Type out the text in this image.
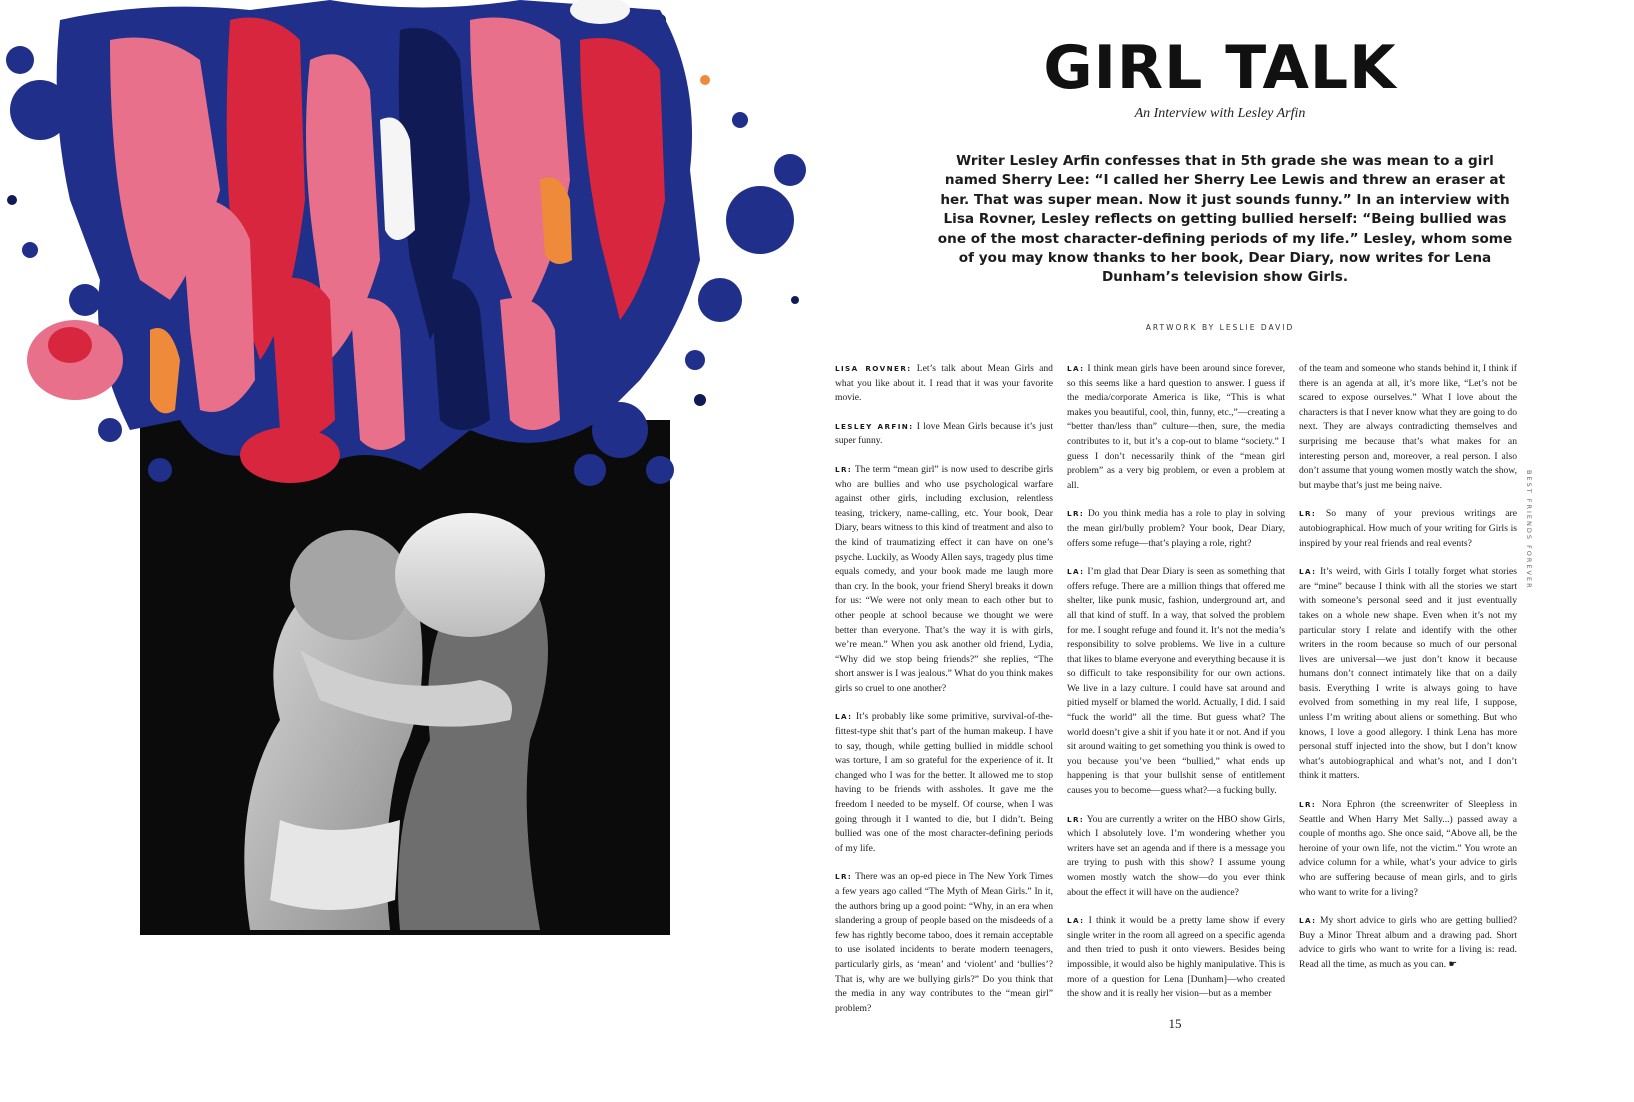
GIRL TALK
An Interview with Lesley Arfin
Writer Lesley Arfin confesses that in 5th grade she was mean to a girl named Sherry Lee: “I called her Sherry Lee Lewis and threw an eraser at her. That was super mean. Now it just sounds funny.” In an interview with Lisa Rovner, Lesley reflects on getting bullied herself: “Being bullied was one of the most character-defining periods of my life.” Lesley, whom some of you may know thanks to her book, Dear Diary, now writes for Lena Dunham’s television show Girls.
ARTWORK BY LESLIE DAVID
BEST FRIENDS FOREVER

LISA ROVNER: Let’s talk about Mean Girls and what you like about it. I read that it was your favorite movie.

LESLEY ARFIN: I love Mean Girls because it’s just super funny.

LR: The term “mean girl” is now used to describe girls who are bullies and who use psychological warfare against other girls, including exclusion, relentless teasing, trickery, name-calling, etc. Your book, Dear Diary, bears witness to this kind of treatment and also to the kind of traumatizing effect it can have on one’s psyche. Luckily, as Woody Allen says, tragedy plus time equals comedy, and your book made me laugh more than cry. In the book, your friend Sheryl breaks it down for us: “We were not only mean to each other but to other people at school because we thought we were better than everyone. That’s the way it is with girls, we’re mean.” When you ask another old friend, Lydia, “Why did we stop being friends?” she replies, “The short answer is I was jealous.” What do you think makes girls so cruel to one another?

LA: It’s probably like some primitive, survival-of-the-fittest-type shit that’s part of the human makeup. I have to say, though, while getting bullied in middle school was torture, I am so grateful for the experience of it. It changed who I was for the better. It allowed me to stop having to be friends with assholes. It gave me the freedom I needed to be myself. Of course, when I was going through it I wanted to die, but I didn’t. Being bullied was one of the most character-defining periods of my life.

LR: There was an op-ed piece in The New York Times a few years ago called “The Myth of Mean Girls.” In it, the authors bring up a good point: “Why, in an era when slandering a group of people based on the misdeeds of a few has rightly become taboo, does it remain acceptable to use isolated incidents to berate modern teenagers, particularly girls, as ‘mean’ and ‘violent’ and ‘bullies’? That is, why are we bullying girls?” Do you think that the media in any way contributes to the “mean girl” problem?

LA: I think mean girls have been around since forever, so this seems like a hard question to answer. I guess if the media/corporate America is like, “This is what makes you beautiful, cool, thin, funny, etc.,”—creating a “better than/less than” culture—then, sure, the media contributes to it, but it’s a cop-out to blame “society.” I guess I don’t necessarily think of the “mean girl problem” as a very big problem, or even a problem at all.

LR: Do you think media has a role to play in solving the mean girl/bully problem? Your book, Dear Diary, offers some refuge—that’s playing a role, right?

LA: I’m glad that Dear Diary is seen as something that offers refuge. There are a million things that offered me shelter, like punk music, fashion, underground art, and all that kind of stuff. In a way, that solved the problem for me. I sought refuge and found it. It’s not the media’s responsibility to solve problems. We live in a culture that likes to blame everyone and everything because it is so difficult to take responsibility for our own actions. We live in a lazy culture. I could have sat around and pitied myself or blamed the world. Actually, I did. I said “fuck the world” all the time. But guess what? The world doesn’t give a shit if you hate it or not. And if you sit around waiting to get something you think is owed to you because you’ve been “bullied,” what ends up happening is that your bullshit sense of entitlement causes you to become—guess what?—a fucking bully.

LR: You are currently a writer on the HBO show Girls, which I absolutely love. I’m wondering whether you writers have set an agenda and if there is a message you are trying to push with this show? I assume young women mostly watch the show—do you ever think about the effect it will have on the audience?

LA: I think it would be a pretty lame show if every single writer in the room all agreed on a specific agenda and then tried to push it onto viewers. Besides being impossible, it would also be highly manipulative. This is more of a question for Lena [Dunham]—who created the show and it is really her vision—but as a member

of the team and someone who stands behind it, I think if there is an agenda at all, it’s more like, “Let’s not be scared to expose ourselves.” What I love about the characters is that I never know what they are going to do next. They are always contradicting themselves and surprising me because that’s what makes for an interesting person and, moreover, a real person. I also don’t assume that young women mostly watch the show, but maybe that’s just me being naive.

LR: So many of your previous writings are autobiographical. How much of your writing for Girls is inspired by your real friends and real events?

LA: It’s weird, with Girls I totally forget what stories are “mine” because I think with all the stories we start with someone’s personal seed and it just eventually takes on a whole new shape. Even when it’s not my particular story I relate and identify with the other writers in the room because so much of our personal lives are universal—we just don’t know it because humans don’t connect intimately like that on a daily basis. Everything I write is always going to have evolved from something in my real life, I suppose, unless I’m writing about aliens or something. But who knows, I love a good allegory. I think Lena has more personal stuff injected into the show, but I don’t know what’s autobiographical and what’s not, and I don’t think it matters.

LR: Nora Ephron (the screenwriter of Sleepless in Seattle and When Harry Met Sally...) passed away a couple of months ago. She once said, “Above all, be the heroine of your own life, not the victim.” You wrote an advice column for a while, what’s your advice to girls who are suffering because of mean girls, and to girls who want to write for a living?

LA: My short advice to girls who are getting bullied? Buy a Minor Threat album and a drawing pad. Short advice to girls who want to write for a living is: read. Read all the time, as much as you can. ☛

15
